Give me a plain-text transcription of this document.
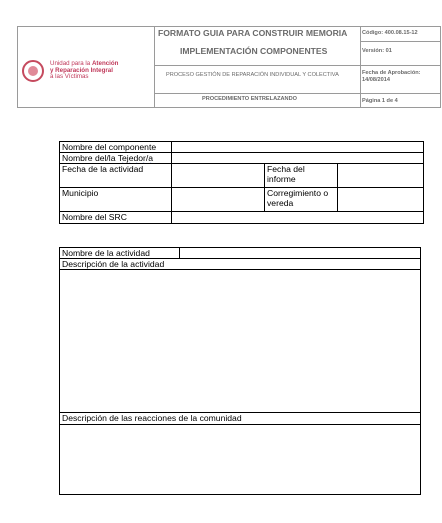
Unidad para la Atención
y Reparación Integral
a las Víctimas
FORMATO GUIA PARA CONSTRUIR MEMORIA
IMPLEMENTACIÓN COMPONENTES
PROCESO GESTIÓN DE REPARACIÓN INDIVIDUAL Y COLECTIVA
PROCEDIMIENTO ENTRELAZANDO
Código: 400.08.15-12
Versión: 01
Fecha de Aprobación:
14/08/2014
Página 1 de 4
Nombre del componente			
Nombre del/la Tejedor/a			
Fecha de la actividad		Fecha del informe	
Municipio		Corregimiento o vereda	
Nombre del SRC			
Nombre de la actividad	
Descripción de la actividad

Descripción de las reacciones de la comunidad
